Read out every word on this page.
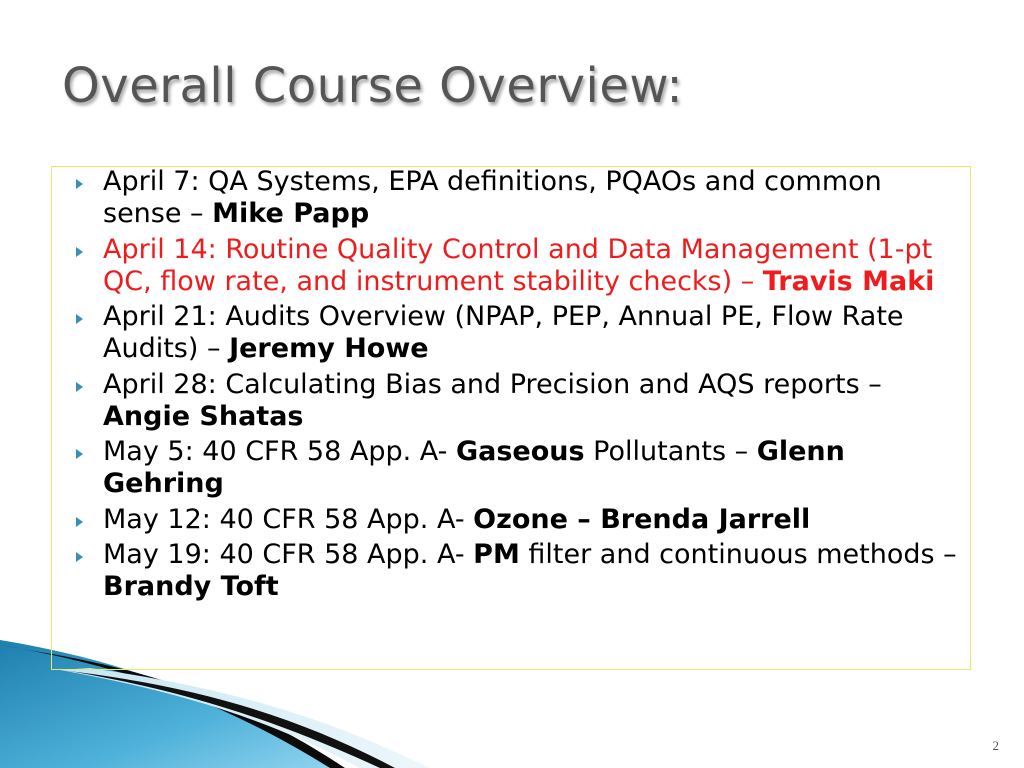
Overall Course Overview:
April 7: QA Systems, EPA definitions, PQAOs and common sense – Mike Papp
April 14: Routine Quality Control and Data Management (1-pt QC, flow rate, and instrument stability checks) – Travis Maki
April 21: Audits Overview (NPAP, PEP, Annual PE, Flow Rate Audits) – Jeremy Howe
April 28: Calculating Bias and Precision and AQS reports – Angie Shatas
May 5: 40 CFR 58 App. A- Gaseous Pollutants – Glenn Gehring
May 12: 40 CFR 58 App. A- Ozone – Brenda Jarrell
May 19: 40 CFR 58 App. A- PM filter and continuous methods –Brandy Toft
2
